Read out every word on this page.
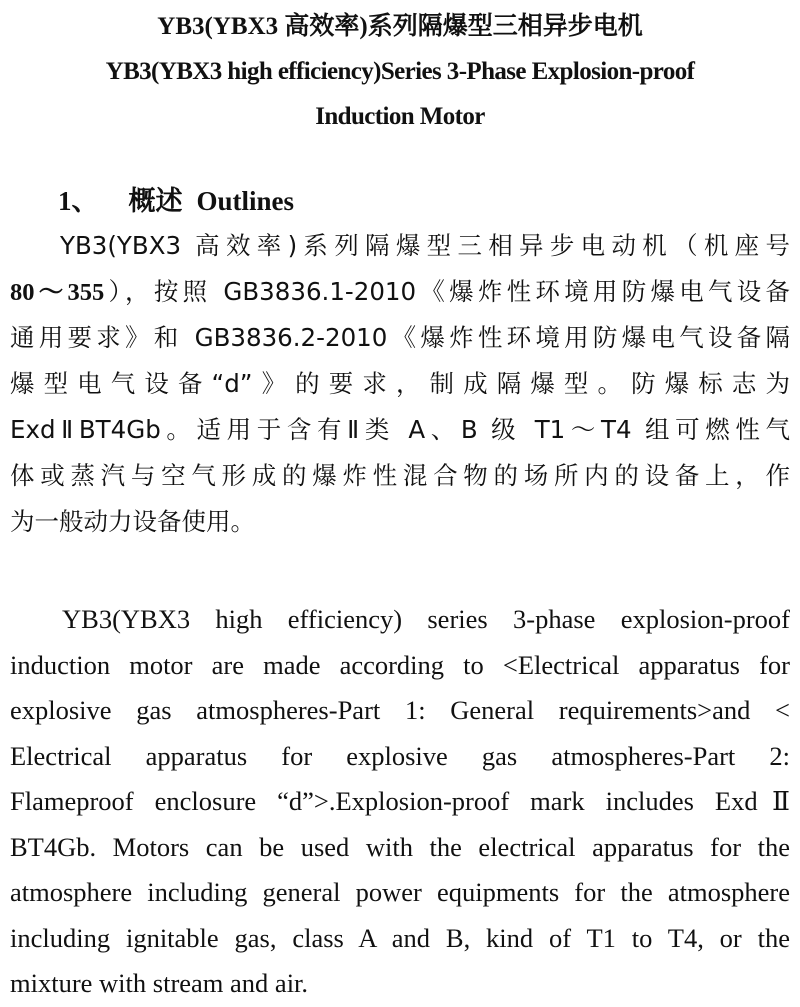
YB3(YBX3 高效率)系列隔爆型三相异步电机
YB3(YBX3 high efficiency)Series 3-Phase Explosion-proof
Induction Motor
1、 概述 Outlines
YB3(YBX3 高效率)系列隔爆型三相异步电动机（机座号
80～355），按照 GB3836.1-2010《爆炸性环境用防爆电气设备
通用要求》和 GB3836.2-2010《爆炸性环境用防爆电气设备隔
爆型电气设备“d”》的要求，制成隔爆型。防爆标志为
ExdⅡBT4Gb。适用于含有Ⅱ类 A、B 级 T1～T4 组可燃性气
体或蒸汽与空气形成的爆炸性混合物的场所内的设备上，作
为一般动力设备使用。
YB3(YBX3 high efficiency) series 3-phase explosion-proof
induction motor are made according to <Electrical apparatus for
explosive gas atmospheres-Part 1: General requirements>and <
Electrical apparatus for explosive gas atmospheres-Part 2:
Flameproof enclosure “d”>.Explosion-proof mark includes ExdⅡ
BT4Gb. Motors can be used with the electrical apparatus for the
atmosphere including general power equipments for the atmosphere
including ignitable gas, class A and B, kind of T1 to T4, or the
mixture with stream and air.
